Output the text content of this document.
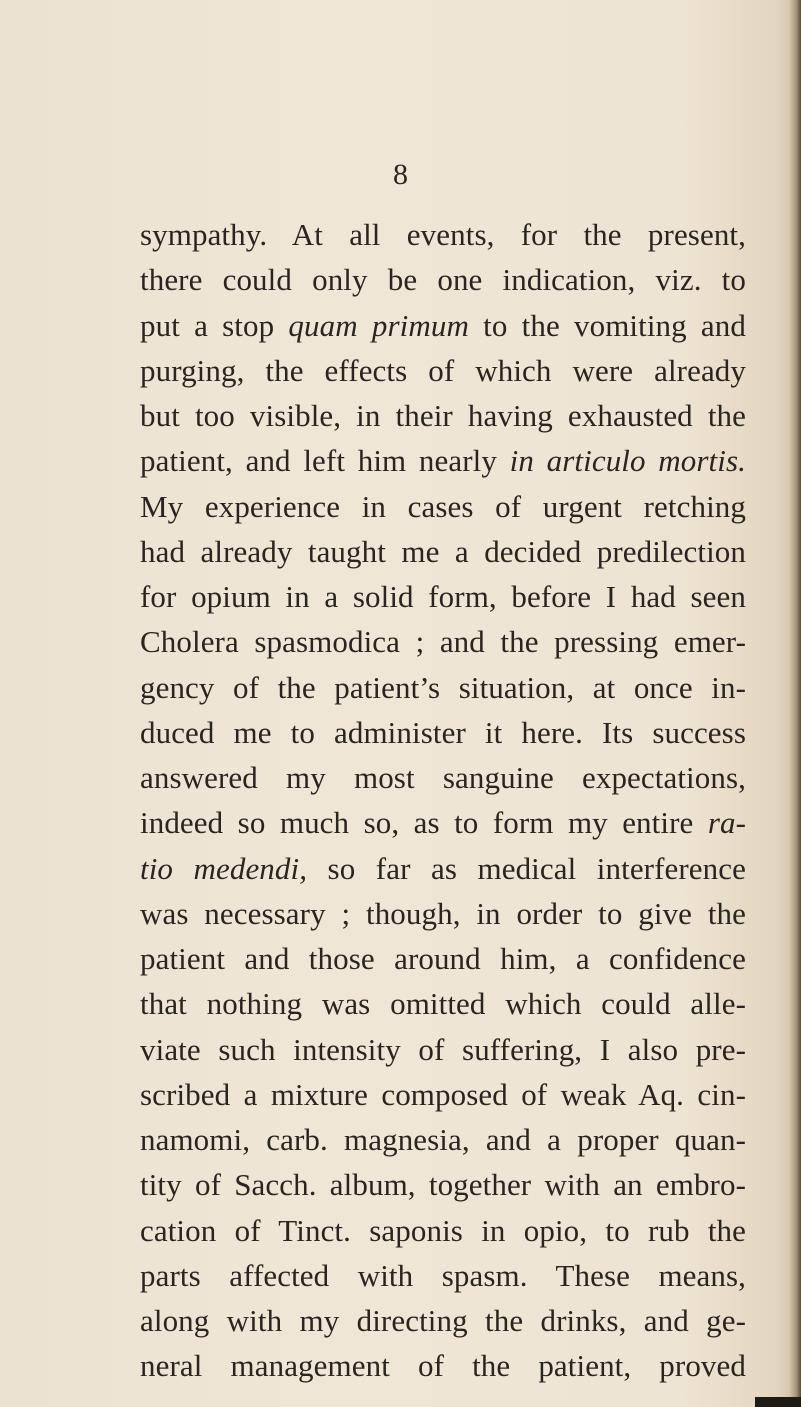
8
sympathy. At all events, for the present,
there could only be one indication, viz. to
put a stop quam primum to the vomiting and
purging, the effects of which were already
but too visible, in their having exhausted the
patient, and left him nearly in articulo mortis.
My experience in cases of urgent retching
had already taught me a decided predilection
for opium in a solid form, before I had seen
Cholera spasmodica ; and the pressing emer-
gency of the patient’s situation, at once in-
duced me to administer it here. Its success
answered my most sanguine expectations,
indeed so much so, as to form my entire ra-
tio medendi, so far as medical interference
was necessary ; though, in order to give the
patient and those around him, a confidence
that nothing was omitted which could alle-
viate such intensity of suffering, I also pre-
scribed a mixture composed of weak Aq. cin-
namomi, carb. magnesia, and a proper quan-
tity of Sacch. album, together with an embro-
cation of Tinct. saponis in opio, to rub the
parts affected with spasm. These means,
along with my directing the drinks, and ge-
neral management of the patient, proved
